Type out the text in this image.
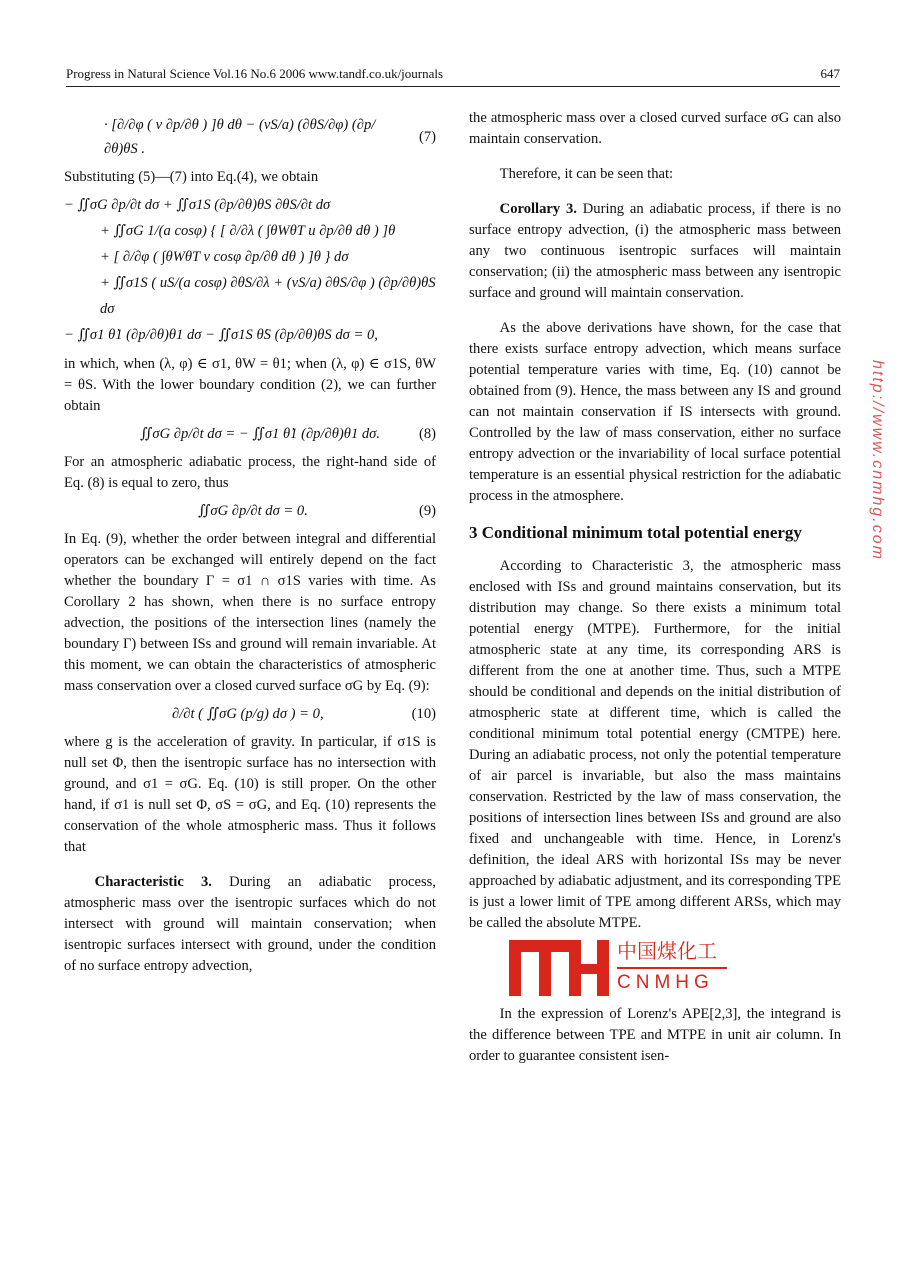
Progress in Natural Science Vol.16 No.6 2006 www.tandf.co.uk/journals	647
· [∂/∂φ ( v ∂p/∂θ ) ]θ dθ − (vS/a) (∂θS/∂φ) (∂p/∂θ)θS .
(7)
Substituting (5)—(7) into Eq.(4), we obtain
− ∬σG ∂p/∂t dσ + ∬σ1S (∂p/∂θ)θS ∂θS/∂t dσ
+ ∬σG 1/(a cosφ) { [ ∂/∂λ ( ∫θWθT u ∂p/∂θ dθ ) ]θ
+ [ ∂/∂φ ( ∫θWθT v cosφ ∂p/∂θ dθ ) ]θ } dσ
+ ∬σ1S ( uS/(a cosφ) ∂θS/∂λ + (vS/a) ∂θS/∂φ ) (∂p/∂θ)θS dσ
− ∬σ1 θ̇1 (∂p/∂θ)θ1 dσ − ∬σ1S θ̇S (∂p/∂θ)θS dσ = 0,
in which, when (λ, φ) ∈ σ1, θW = θ1; when (λ, φ) ∈ σ1S, θW = θS. With the lower boundary condition (2), we can further obtain
∬σG ∂p/∂t dσ = − ∬σ1 θ̇1 (∂p/∂θ)θ1 dσ.	(8)
For an atmospheric adiabatic process, the right-hand side of Eq. (8) is equal to zero, thus
∬σG ∂p/∂t dσ = 0.	(9)
In Eq. (9), whether the order between integral and differential operators can be exchanged will entirely depend on the fact whether the boundary Γ = σ1 ∩ σ1S varies with time. As Corollary 2 has shown, when there is no surface entropy advection, the positions of the intersection lines (namely the boundary Γ) between ISs and ground will remain invariable. At this moment, we can obtain the characteristics of atmospheric mass conservation over a closed curved surface σG by Eq. (9):
∂/∂t ( ∬σG (p/g) dσ ) = 0,	(10)
where g is the acceleration of gravity. In particular, if σ1S is null set Φ, then the isentropic surface has no intersection with ground, and σ1 = σG. Eq. (10) is still proper. On the other hand, if σ1 is null set Φ, σS = σG, and Eq. (10) represents the conservation of the whole atmospheric mass. Thus it follows that
Characteristic 3. During an adiabatic process, atmospheric mass over the isentropic surfaces which do not intersect with ground will maintain conservation; when isentropic surfaces intersect with ground, under the condition of no surface entropy advection,
the atmospheric mass over a closed curved surface σG can also maintain conservation.
Therefore, it can be seen that:
Corollary 3. During an adiabatic process, if there is no surface entropy advection, (i) the atmospheric mass between any two continuous isentropic surfaces will maintain conservation; (ii) the atmospheric mass between any isentropic surface and ground will maintain conservation.
As the above derivations have shown, for the case that there exists surface entropy advection, which means surface potential temperature varies with time, Eq. (10) cannot be obtained from (9). Hence, the mass between any IS and ground can not maintain conservation if IS intersects with ground. Controlled by the law of mass conservation, either no surface entropy advection or the invariability of local surface potential temperature is an essential physical restriction for the adiabatic process in the atmosphere.
3 Conditional minimum total potential energy
According to Characteristic 3, the atmospheric mass enclosed with ISs and ground maintains conservation, but its distribution may change. So there exists a minimum total potential energy (MTPE). Furthermore, for the initial atmospheric state at any time, its corresponding ARS is different from the one at another time. Thus, such a MTPE should be conditional and depends on the initial distribution of atmospheric state at different time, which is called the conditional minimum total potential energy (CMTPE) here. During an adiabatic process, not only the potential temperature of air parcel is invariable, but also the mass maintains conservation. Restricted by the law of mass conservation, the positions of intersection lines between ISs and ground are also fixed and unchangeable with time. Hence, in Lorenz's definition, the ideal ARS with horizontal ISs may be never approached by adiabatic adjustment, and its corresponding TPE is just a lower limit of TPE among different ARSs, which may be called the absolute MTPE.
中国煤化工
CNMHG
In the expression of Lorenz's APE[2,3], the integrand is the difference between TPE and MTPE in unit air column. In order to guarantee consistent isen-
http://www.cnmhg.com
